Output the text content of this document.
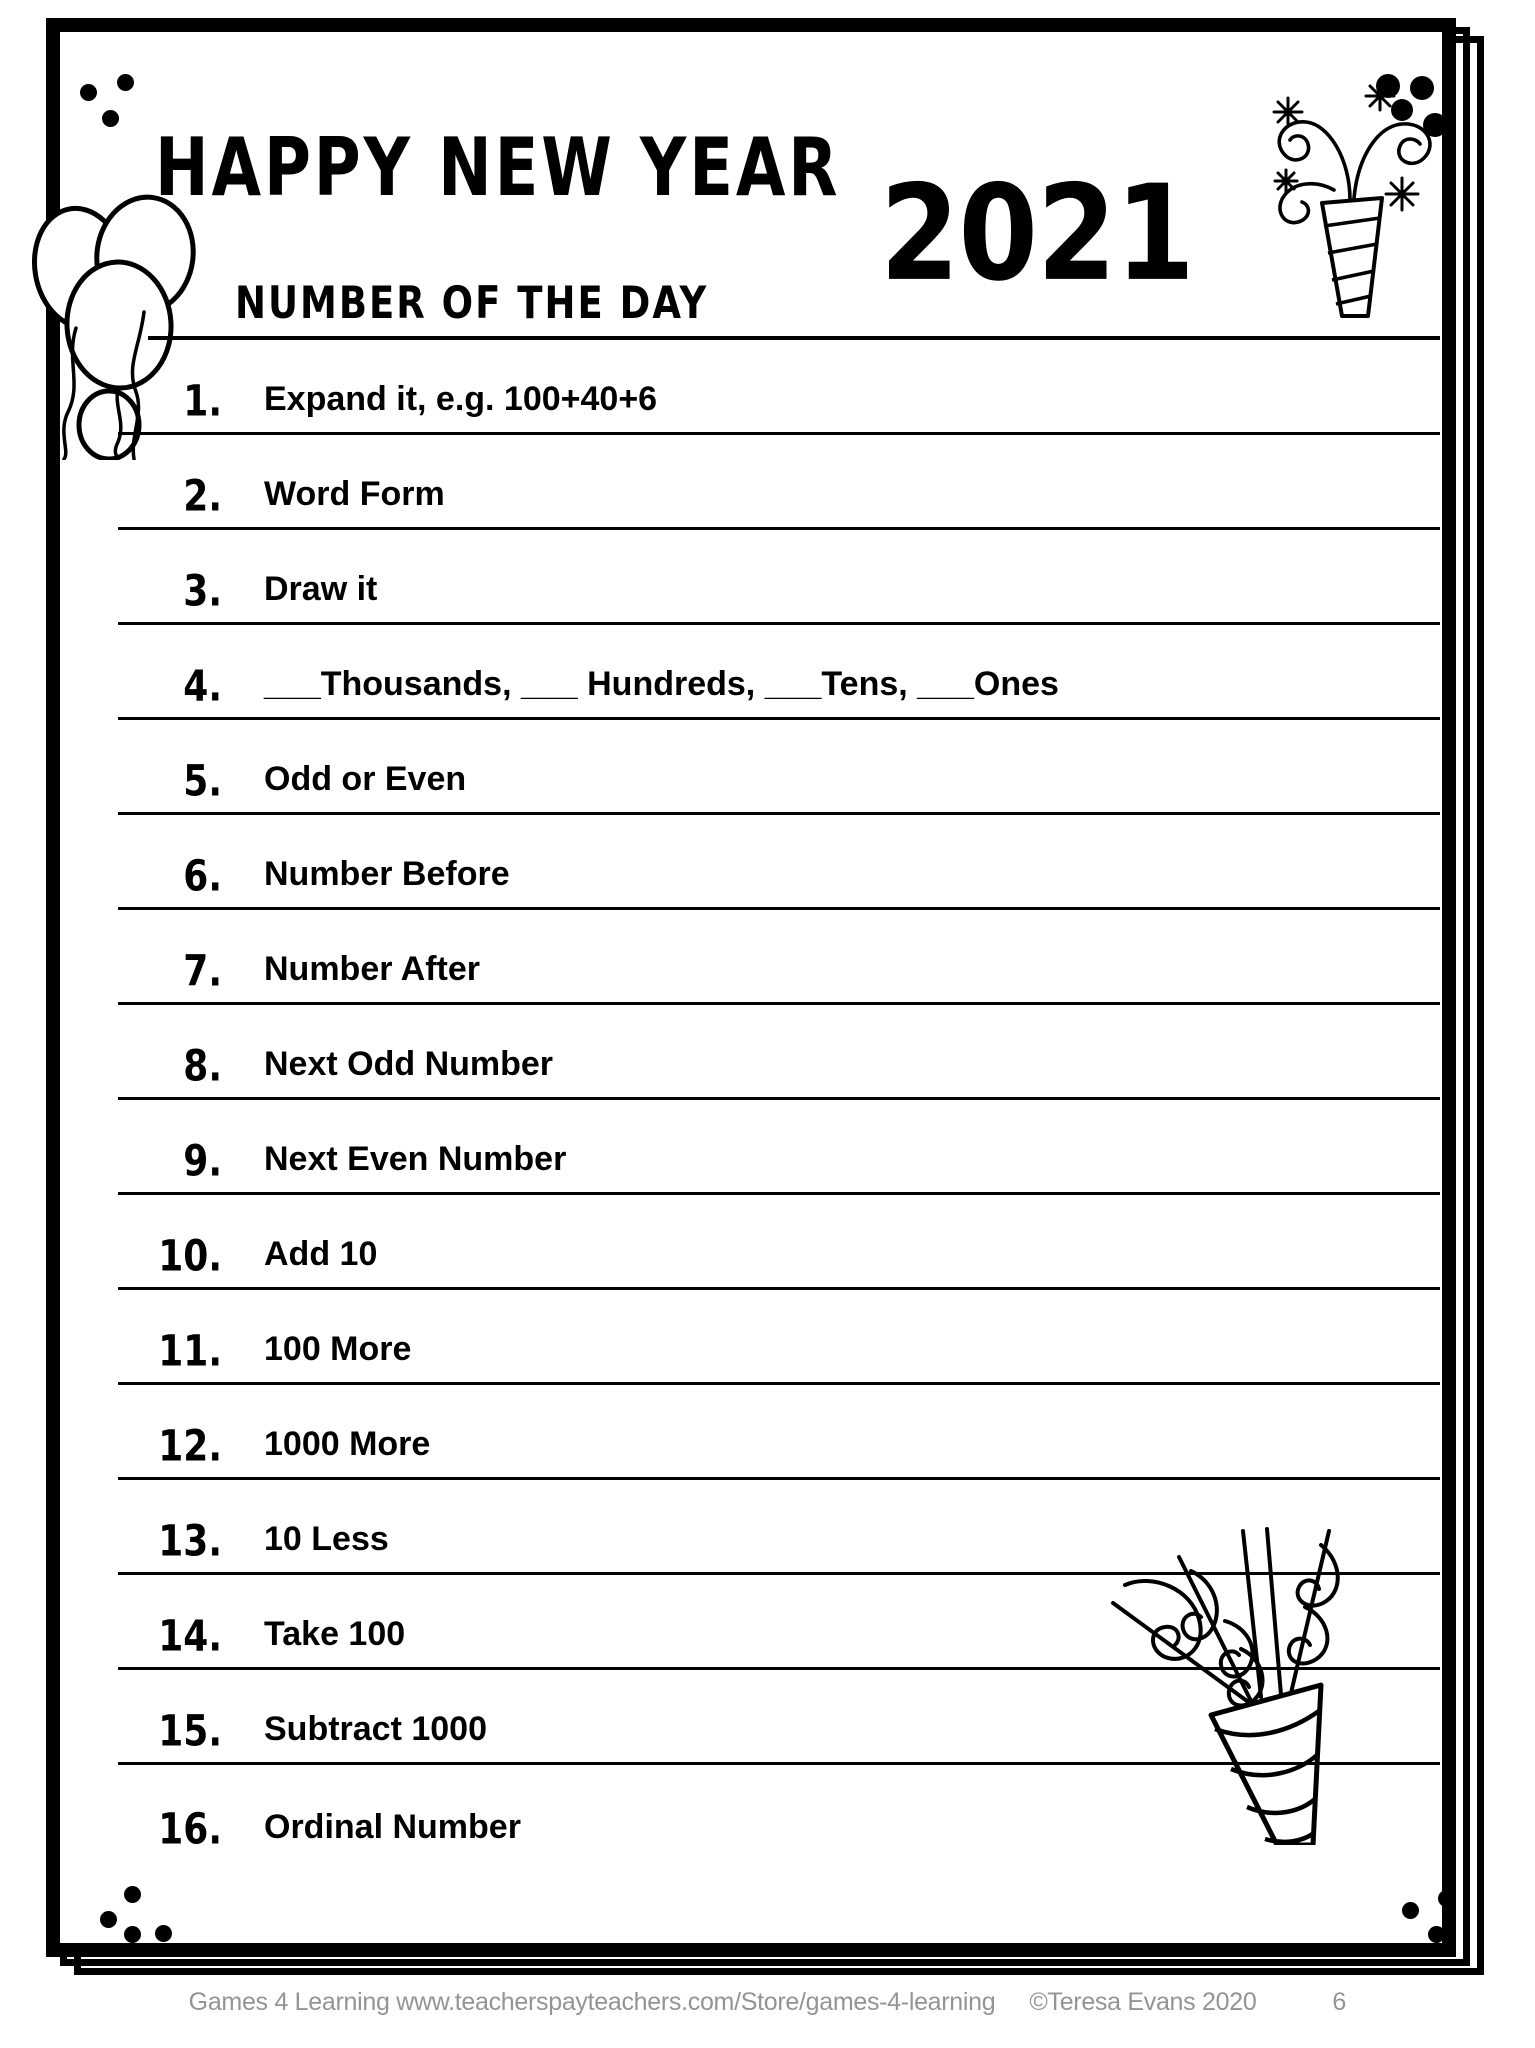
HAPPY NEW YEAR 2021
NUMBER OF THE DAY
1. Expand it, e.g. 100+40+6
2. Word Form
3. Draw it
4. ___Thousands, ___ Hundreds, ___Tens, ___Ones
5. Odd or Even
6. Number Before
7. Number After
8. Next Odd Number
9. Next Even Number
10. Add 10
11. 100 More
12. 1000 More
13. 10 Less
14. Take 100
15. Subtract 1000
16. Ordinal Number
Games 4 Learning www.teacherspayteachers.com/Store/games-4-learning ©Teresa Evans 2020	6
